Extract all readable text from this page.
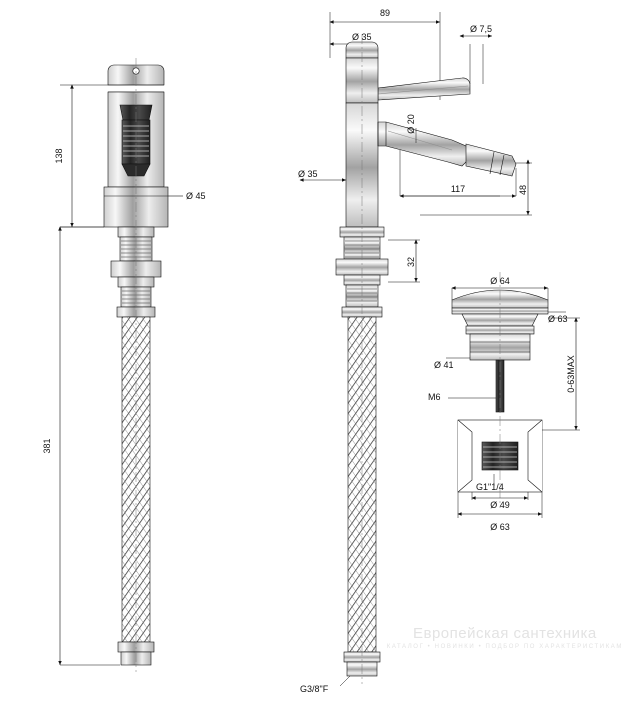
138
381
Ø 45
89
Ø 35
Ø 7,5
Ø 20
Ø 35
117	48
32
Ø 64
Ø 63
Ø 41
M6
0-63MAX
G1"1/4
Ø 49
Ø 63
G3/8"F
Европейская сантехника
КАТАЛОГ • НОВИНКИ • ПОДБОР ПО ХАРАКТЕРИСТИКАМ
